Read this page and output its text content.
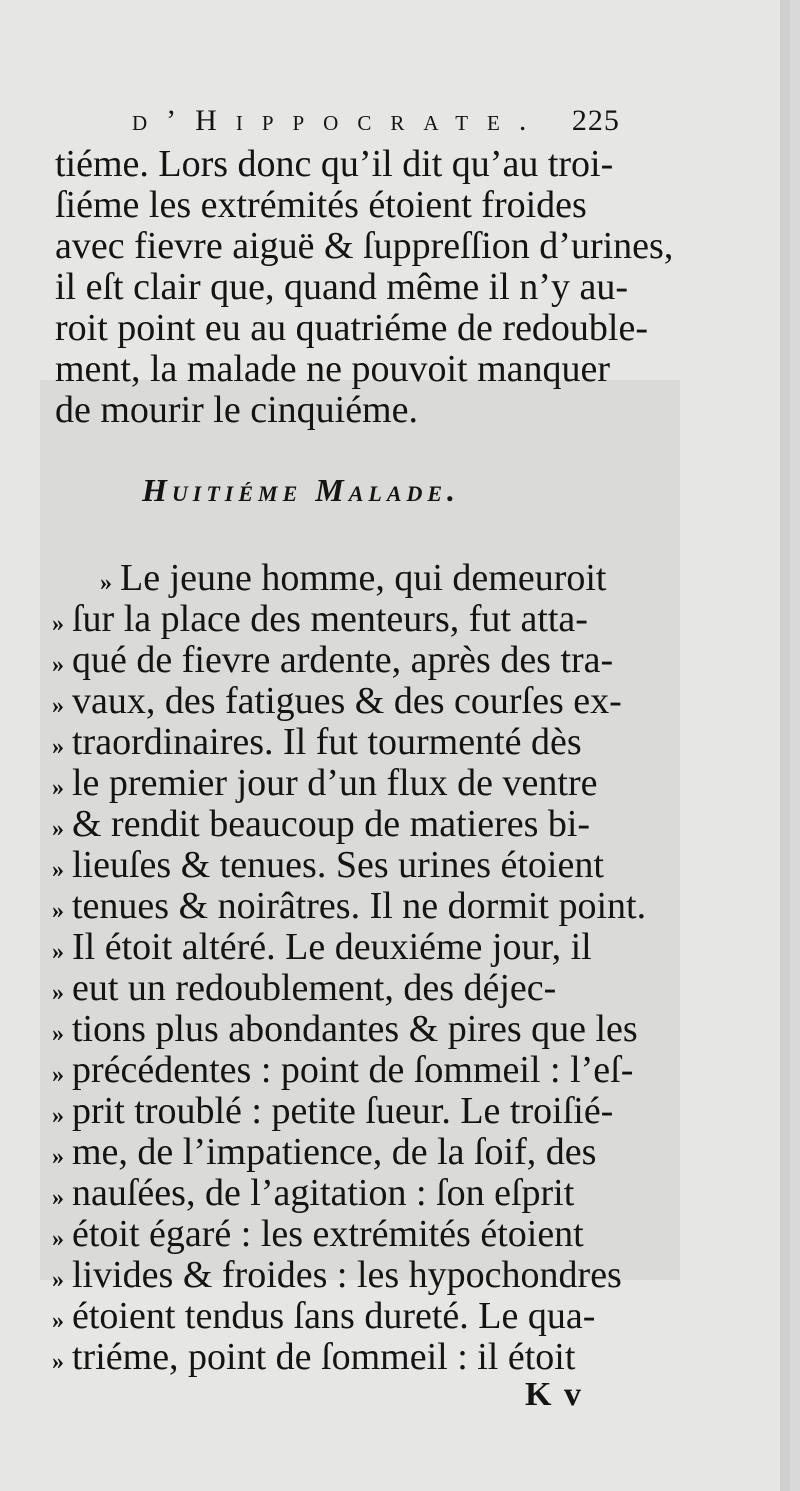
d’Hippocrate. 225
tiéme. Lors donc qu’il dit qu’au troi-
ſiéme les extrémités étoient froides
avec fievre aiguë & ſuppreſſion d’urines,
il eſt clair que, quand même il n’y au-
roit point eu au quatriéme de redouble-
ment, la malade ne pouvoit manquer
de mourir le cinquiéme.
Huitiéme Malade.
» Le jeune homme, qui demeuroit
» ſur la place des menteurs, fut atta-
» qué de fievre ardente, après des tra-
» vaux, des fatigues & des courſes ex-
» traordinaires. Il fut tourmenté dès
» le premier jour d’un flux de ventre
» & rendit beaucoup de matieres bi-
» lieuſes & tenues. Ses urines étoient
» tenues & noirâtres. Il ne dormit point.
» Il étoit altéré. Le deuxiéme jour, il
» eut un redoublement, des déjec-
» tions plus abondantes & pires que les
» précédentes : point de ſommeil : l’eſ-
» prit troublé : petite ſueur. Le troiſié-
» me, de l’impatience, de la ſoif, des
» nauſées, de l’agitation : ſon eſprit
» étoit égaré : les extrémités étoient
» livides & froides : les hypochondres
» étoient tendus ſans dureté. Le qua-
» triéme, point de ſommeil : il étoit
K v
